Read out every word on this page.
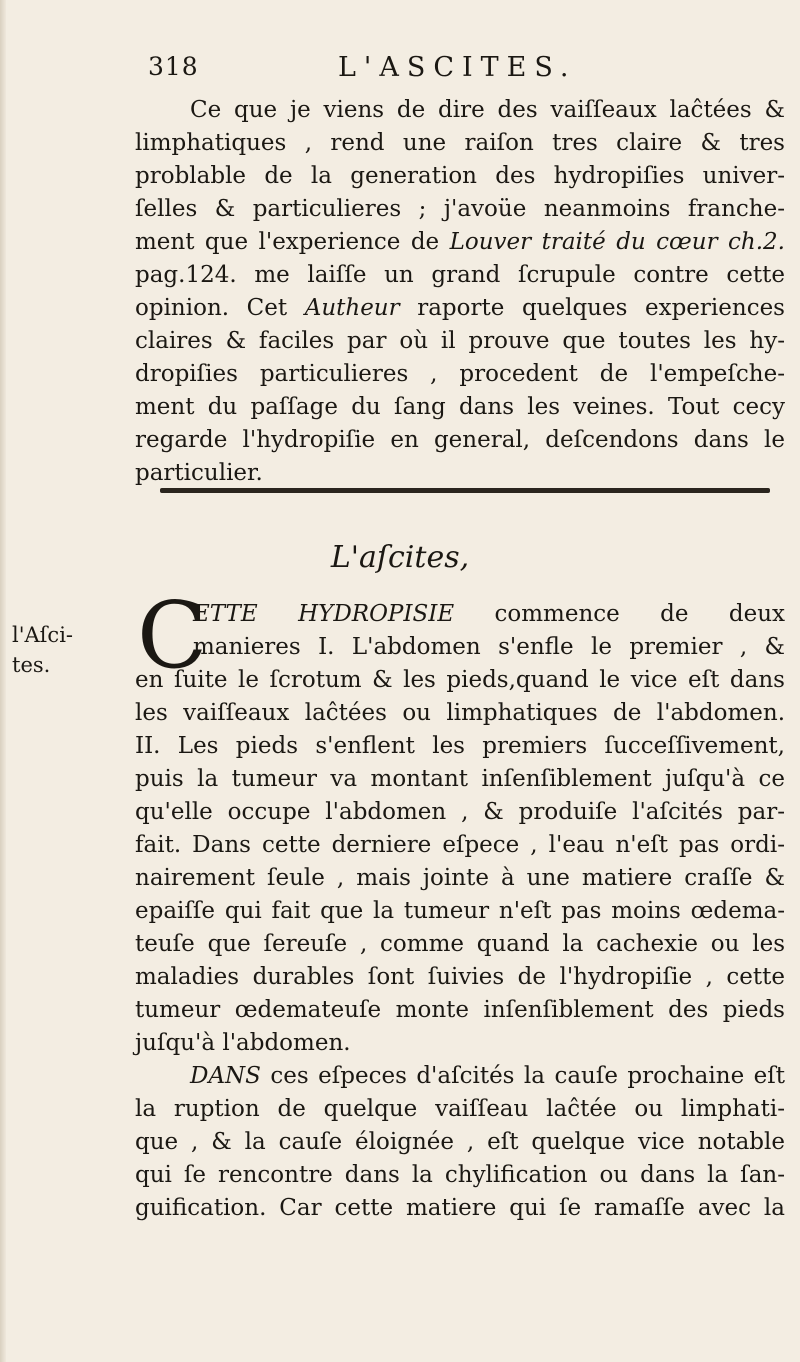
318	L'ASCITES.
Ce que je viens de dire des vaiſſeaux laĉtées &
limphatiques , rend une raiſon tres claire & tres
problable de la generation des hydropiſies univer-
ſelles & particulieres ; j'avoüe neanmoins franche-
ment que l'experience de Louver traité du cœur ch.2.
pag.124. me laiſſe un grand ſcrupule contre cette
opinion. Cet Autheur raporte quelques experiences
claires & faciles par où il prouve que toutes les hy-
dropiſies particulieres , procedent de l'empeſche-
ment du paſſage du ſang dans les veines. Tout cecy
regarde l'hydropiſie en general, deſcendons dans le
particulier.
L'aſcites,
l'Aſci-
tes. C
ETTE HYDROPISIE commence de deux
manieres I. L'abdomen s'enfle le premier , &
en ſuite le ſcrotum & les pieds,quand le vice eſt dans
les vaiſſeaux laĉtées ou limphatiques de l'abdomen.
II. Les pieds s'enflent les premiers ſucceſſivement,
puis la tumeur va montant inſenſiblement juſqu'à ce
qu'elle occupe l'abdomen , & produiſe l'aſcités par-
fait. Dans cette derniere eſpece , l'eau n'eſt pas ordi-
nairement ſeule , mais jointe à une matiere craſſe &
epaiſſe qui fait que la tumeur n'eſt pas moins œdema-
teuſe que ſereuſe , comme quand la cachexie ou les
maladies durables ſont ſuivies de l'hydropiſie , cette
tumeur œdemateuſe monte inſenſiblement des pieds
juſqu'à l'abdomen.
DANS ces eſpeces d'aſcités la cauſe prochaine eſt
la ruption de quelque vaiſſeau laĉtée ou limphati-
que , & la cauſe éloignée , eſt quelque vice notable
qui ſe rencontre dans la chylification ou dans la ſan-
guification. Car cette matiere qui ſe ramaſſe avec la
